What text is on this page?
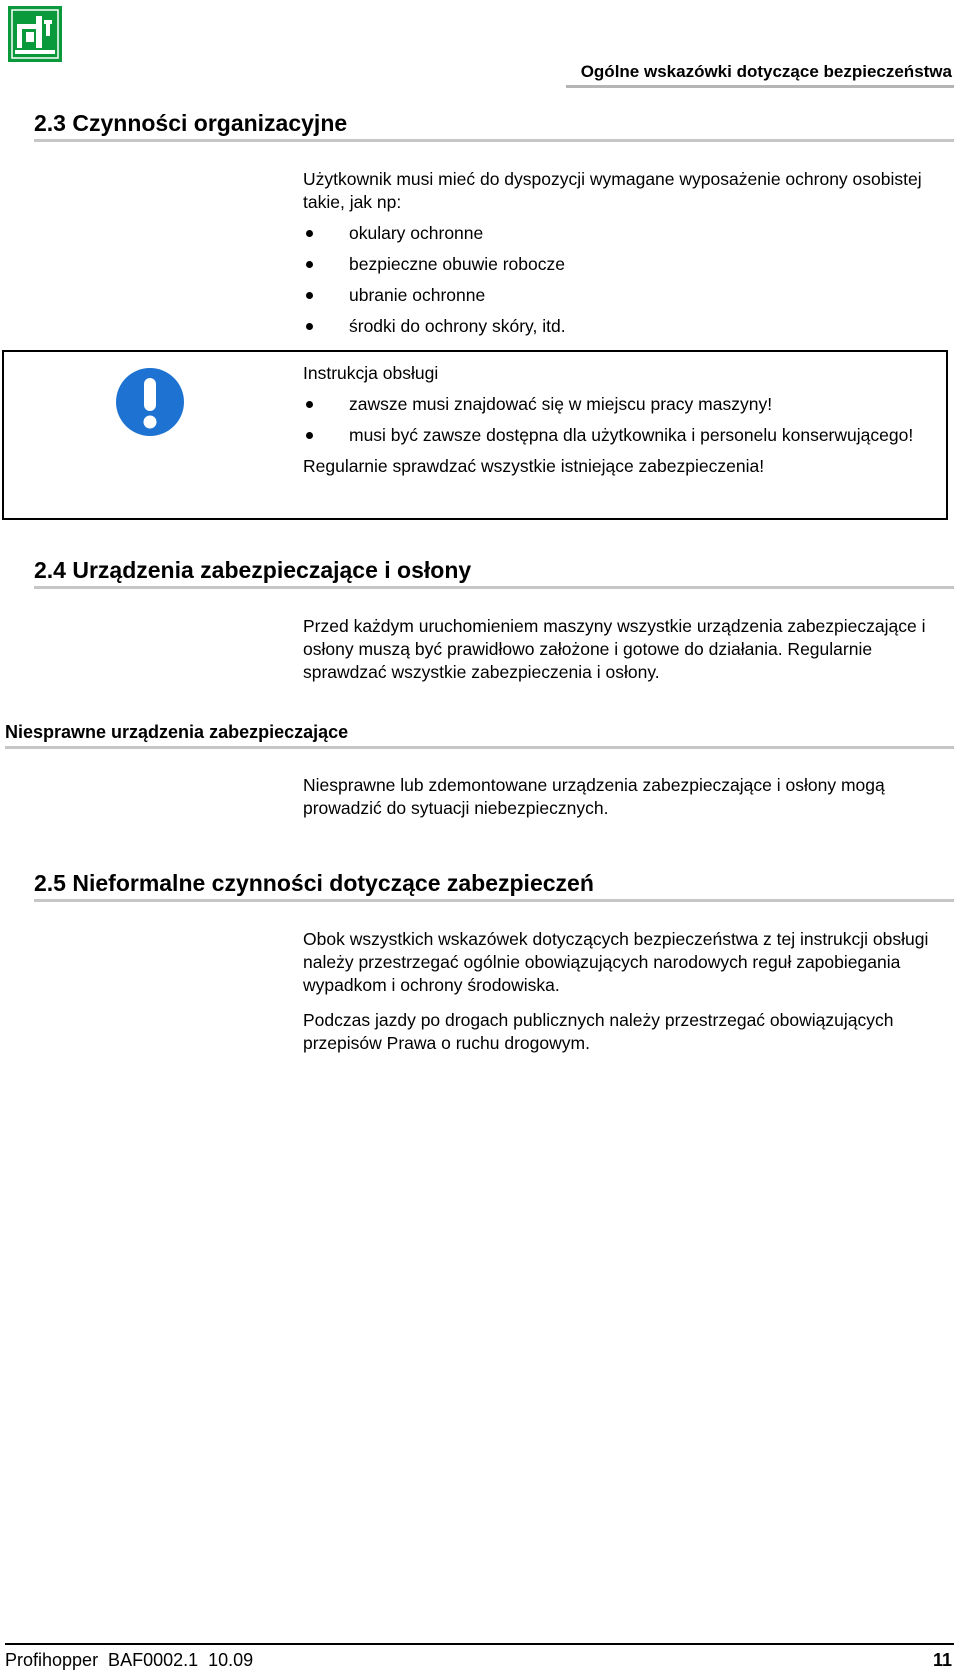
Ogólne wskazówki dotyczące bezpieczeństwa
2.3 Czynności organizacyjne

Użytkownik musi mieć do dyspozycji wymagane wyposażenie ochrony osobistej takie, jak np:

okulary ochronne
bezpieczne obuwie robocze
ubranie ochronne
środki do ochrony skóry, itd.

Instrukcja obsługi

zawsze musi znajdować się w miejscu pracy maszyny!
musi być zawsze dostępna dla użytkownika i personelu konserwującego!

Regularnie sprawdzać wszystkie istniejące zabezpieczenia!

2.4 Urządzenia zabezpieczające i osłony

Przed każdym uruchomieniem maszyny wszystkie urządzenia zabezpieczające i osłony muszą być prawidłowo założone i gotowe do działania. Regularnie sprawdzać wszystkie zabezpieczenia i osłony.

Niesprawne urządzenia zabezpieczające

Niesprawne lub zdemontowane urządzenia zabezpieczające i osłony mogą prowadzić do sytuacji niebezpiecznych.

2.5 Nieformalne czynności dotyczące zabezpieczeń

Obok wszystkich wskazówek dotyczących bezpieczeństwa z tej instrukcji obsługi należy przestrzegać ogólnie obowiązujących narodowych reguł zapobiegania wypadkom i ochrony środowiska.

Podczas jazdy po drogach publicznych należy przestrzegać obowiązujących przepisów Prawa o ruchu drogowym.

Profihopper  BAF0002.1  10.09	11
